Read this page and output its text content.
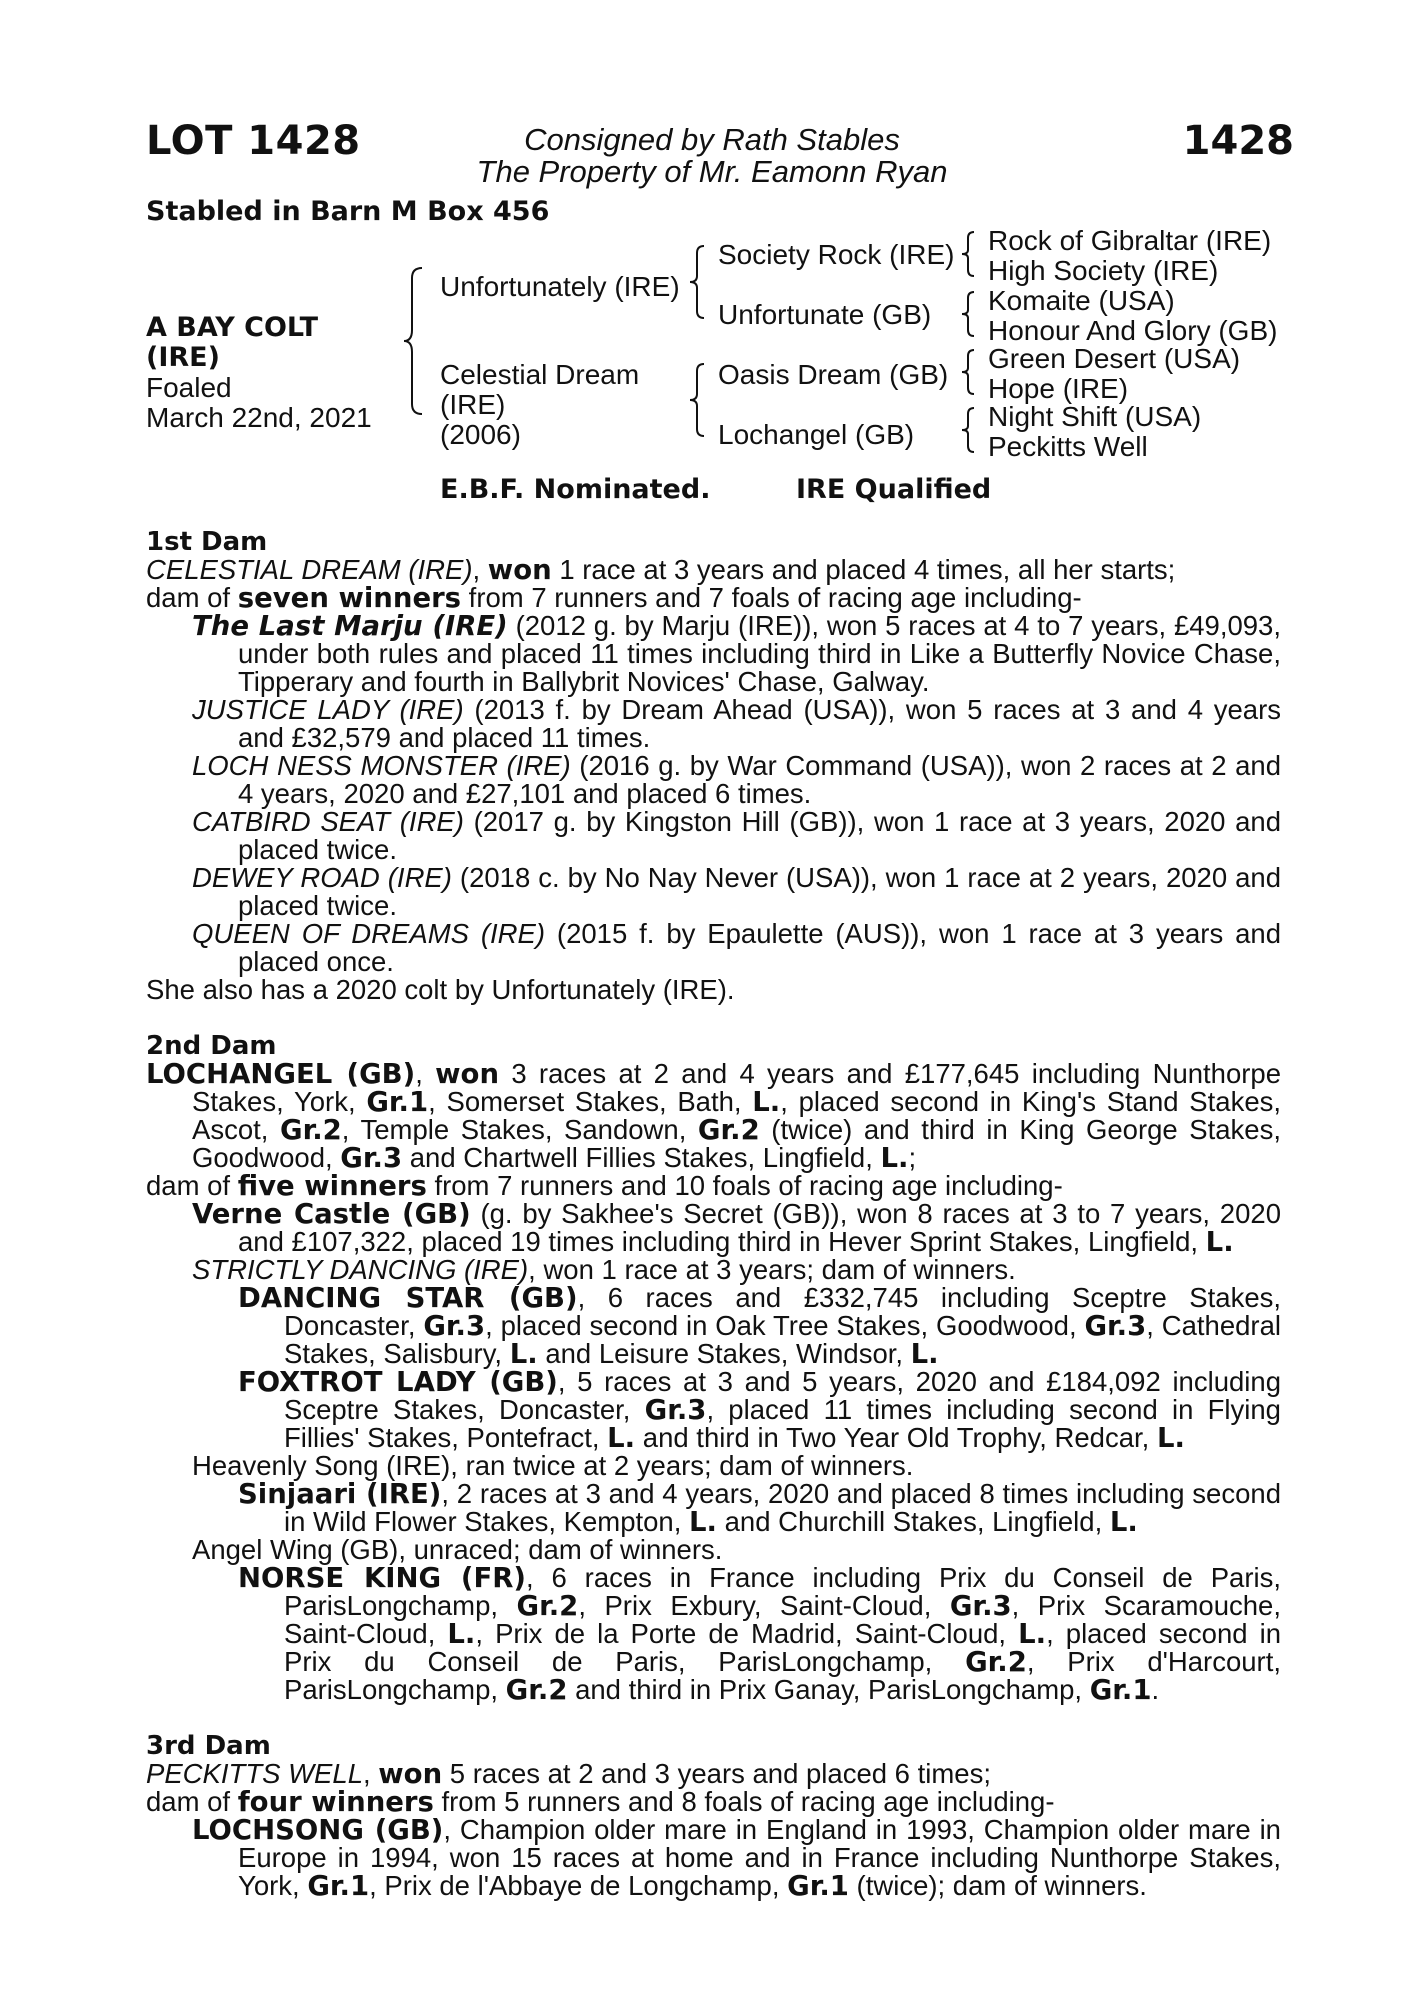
LOT 1428	Consigned by Rath Stables
The Property of Mr. Eamonn Ryan
1428
Stabled in Barn M Box 456
A BAY COLT
(IRE)
Foaled
March 22nd, 2021
Unfortunately (IRE)
Celestial Dream
(IRE)
(2006)
Society Rock (IRE)
Unfortunate (GB)
Oasis Dream (GB)
Lochangel (GB)
Rock of Gibraltar (IRE)
High Society (IRE)
Komaite (USA)
Honour And Glory (GB)
Green Desert (USA)
Hope (IRE)
Night Shift (USA)
Peckitts Well
E.B.F. Nominated.	IRE Qualified
1st Dam
CELESTIAL DREAM (IRE), won 1 race at 3 years and placed 4 times, all her starts;
dam of seven winners from 7 runners and 7 foals of racing age including-
The Last Marju (IRE) (2012 g. by Marju (IRE)), won 5 races at 4 to 7 years, £49,093, under both rules and placed 11 times including third in Like a Butterfly Novice Chase, Tipperary and fourth in Ballybrit Novices' Chase, Galway.
JUSTICE LADY (IRE) (2013 f. by Dream Ahead (USA)), won 5 races at 3 and 4 years and £32,579 and placed 11 times.
LOCH NESS MONSTER (IRE) (2016 g. by War Command (USA)), won 2 races at 2 and 4 years, 2020 and £27,101 and placed 6 times.
CATBIRD SEAT (IRE) (2017 g. by Kingston Hill (GB)), won 1 race at 3 years, 2020 and placed twice.
DEWEY ROAD (IRE) (2018 c. by No Nay Never (USA)), won 1 race at 2 years, 2020 and placed twice.
QUEEN OF DREAMS (IRE) (2015 f. by Epaulette (AUS)), won 1 race at 3 years and placed once.
She also has a 2020 colt by Unfortunately (IRE).
2nd Dam
LOCHANGEL (GB), won 3 races at 2 and 4 years and £177,645 including Nunthorpe Stakes, York, Gr.1, Somerset Stakes, Bath, L., placed second in King's Stand Stakes, Ascot, Gr.2, Temple Stakes, Sandown, Gr.2 (twice) and third in King George Stakes, Goodwood, Gr.3 and Chartwell Fillies Stakes, Lingfield, L.;
dam of five winners from 7 runners and 10 foals of racing age including-
Verne Castle (GB) (g. by Sakhee's Secret (GB)), won 8 races at 3 to 7 years, 2020 and £107,322, placed 19 times including third in Hever Sprint Stakes, Lingfield, L.
STRICTLY DANCING (IRE), won 1 race at 3 years; dam of winners.
DANCING STAR (GB), 6 races and £332,745 including Sceptre Stakes, Doncaster, Gr.3, placed second in Oak Tree Stakes, Goodwood, Gr.3, Cathedral Stakes, Salisbury, L. and Leisure Stakes, Windsor, L.
FOXTROT LADY (GB), 5 races at 3 and 5 years, 2020 and £184,092 including Sceptre Stakes, Doncaster, Gr.3, placed 11 times including second in Flying Fillies' Stakes, Pontefract, L. and third in Two Year Old Trophy, Redcar, L.
Heavenly Song (IRE), ran twice at 2 years; dam of winners.
Sinjaari (IRE), 2 races at 3 and 4 years, 2020 and placed 8 times including second in Wild Flower Stakes, Kempton, L. and Churchill Stakes, Lingfield, L.
Angel Wing (GB), unraced; dam of winners.
NORSE KING (FR), 6 races in France including Prix du Conseil de Paris, ParisLongchamp, Gr.2, Prix Exbury, Saint-Cloud, Gr.3, Prix Scaramouche, Saint-Cloud, L., Prix de la Porte de Madrid, Saint-Cloud, L., placed second in Prix du Conseil de Paris, ParisLongchamp, Gr.2, Prix d'Harcourt, ParisLongchamp, Gr.2 and third in Prix Ganay, ParisLongchamp, Gr.1.
3rd Dam
PECKITTS WELL, won 5 races at 2 and 3 years and placed 6 times;
dam of four winners from 5 runners and 8 foals of racing age including-
LOCHSONG (GB), Champion older mare in England in 1993, Champion older mare in Europe in 1994, won 15 races at home and in France including Nunthorpe Stakes, York, Gr.1, Prix de l'Abbaye de Longchamp, Gr.1 (twice); dam of winners.
